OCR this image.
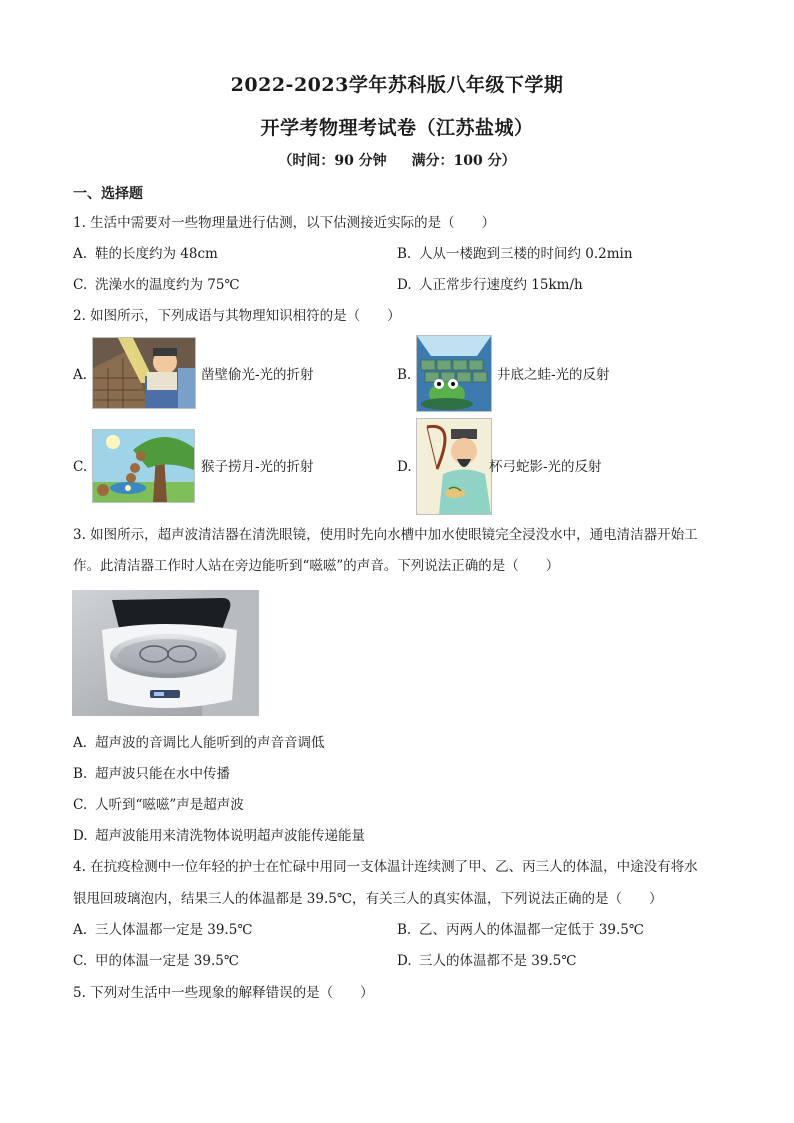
2022-2023学年苏科版八年级下学期
开学考物理考试卷（江苏盐城）
（时间：90 分钟 满分：100 分）
一、选择题
1. 生活中需要对一些物理量进行估测，以下估测接近实际的是（　　）
A. 鞋的长度约为 48cm	B. 人从一楼跑到三楼的时间约 0.2min
C. 洗澡水的温度约为 75℃	D. 人正常步行速度约 15km/h
2. 如图所示，下列成语与其物理知识相符的是（　　）
A.	凿壁偷光-光的折射	B.	井底之蛙-光的反射
C.	猴子捞月-光的折射	D.	杯弓蛇影-光的反射
3. 如图所示，超声波清洁器在清洗眼镜，使用时先向水槽中加水使眼镜完全浸没水中，通电清洁器开始工
作。此清洁器工作时人站在旁边能听到“嗞嗞”的声音。下列说法正确的是（　　）
A. 超声波的音调比人能听到的声音音调低
B. 超声波只能在水中传播
C. 人听到“嗞嗞”声是超声波
D. 超声波能用来清洗物体说明超声波能传递能量
4. 在抗疫检测中一位年轻的护士在忙碌中用同一支体温计连续测了甲、乙、丙三人的体温，中途没有将水
银甩回玻璃泡内，结果三人的体温都是 39.5℃，有关三人的真实体温，下列说法正确的是（　　）
A. 三人体温都一定是 39.5℃	B. 乙、丙两人的体温都一定低于 39.5℃
C. 甲的体温一定是 39.5℃	D. 三人的体温都不是 39.5℃
5. 下列对生活中一些现象的解释错误的是（　　）
